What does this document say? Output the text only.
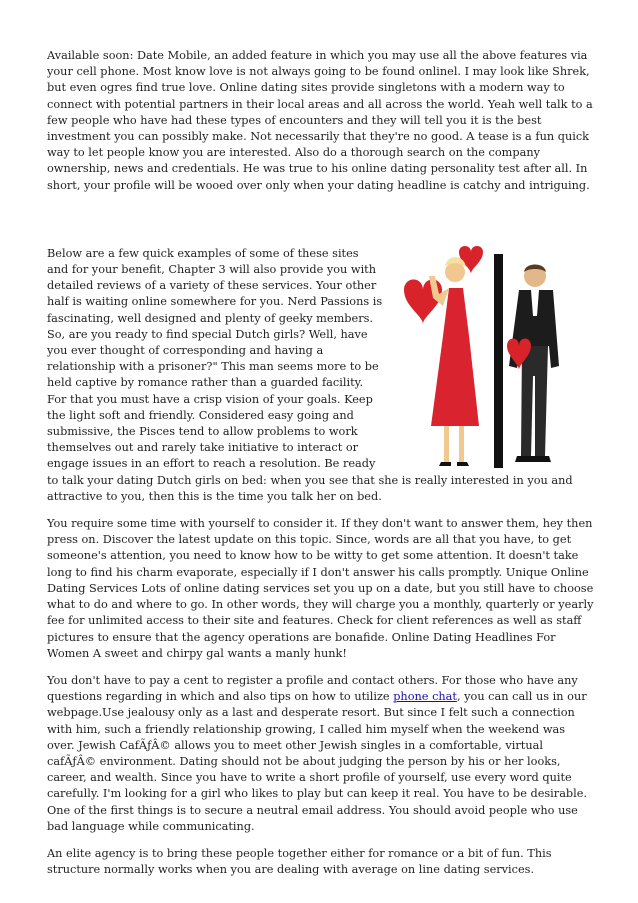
Available soon: Date Mobile, an added feature in which you may use all the above features via your cell phone. Most know love is not always going to be found onlinel. I may look like Shrek, but even ogres find true love. Online dating sites provide singletons with a modern way to connect with potential partners in their local areas and all across the world. Yeah well talk to a few people who have had these types of encounters and they will tell you it is the best investment you can possibly make. Not necessarily that they're no good. A tease is a fun quick way to let people know you are interested. Also do a thorough search on the company ownership, news and credentials. He was true to his online dating personality test after all. In short, your profile will be wooed over only when your dating headline is catchy and intriguing.

Below are a few quick examples of some of these sites and for your benefit, Chapter 3 will also provide you with detailed reviews of a variety of these services. Your other half is waiting online somewhere for you. Nerd Passions is fascinating, well designed and plenty of geeky members. So, are you ready to find special Dutch girls? Well, have you ever thought of corresponding and having a relationship with a prisoner?" This man seems more to be held captive by romance rather than a guarded facility. For that you must have a crisp vision of your goals. Keep the light soft and friendly. Considered easy going and submissive, the Pisces tend to allow problems to work themselves out and rarely take initiative to interact or engage issues in an effort to reach a resolution. Be ready to talk your dating Dutch girls on bed: when you see that she is really interested in you and attractive to you, then this is the time you talk her on bed.

You require some time with yourself to consider it. If they don't want to answer them, hey then press on. Discover the latest update on this topic. Since, words are all that you have, to get someone's attention, you need to know how to be witty to get some attention. It doesn't take long to find his charm evaporate, especially if I don't answer his calls promptly. Unique Online Dating Services Lots of online dating services set you up on a date, but you still have to choose what to do and where to go. In other words, they will charge you a monthly, quarterly or yearly fee for unlimited access to their site and features. Check for client references as well as staff pictures to ensure that the agency operations are bonafide. Online Dating Headlines For Women A sweet and chirpy gal wants a manly hunk!

You don't have to pay a cent to register a profile and contact others. For those who have any questions regarding in which and also tips on how to utilize phone chat, you can call us in our webpage.Use jealousy only as a last and desperate resort. But since I felt such a connection with him, such a friendly relationship growing, I called him myself when the weekend was over. Jewish CafÃƒÂ© allows you to meet other Jewish singles in a comfortable, virtual cafÃƒÂ© environment. Dating should not be about judging the person by his or her looks, career, and wealth. Since you have to write a short profile of yourself, use every word quite carefully. I'm looking for a girl who likes to play but can keep it real. You have to be desirable. One of the first things is to secure a neutral email address. You should avoid people who use bad language while communicating.

An elite agency is to bring these people together either for romance or a bit of fun. This structure normally works when you are dealing with average on line dating services.
